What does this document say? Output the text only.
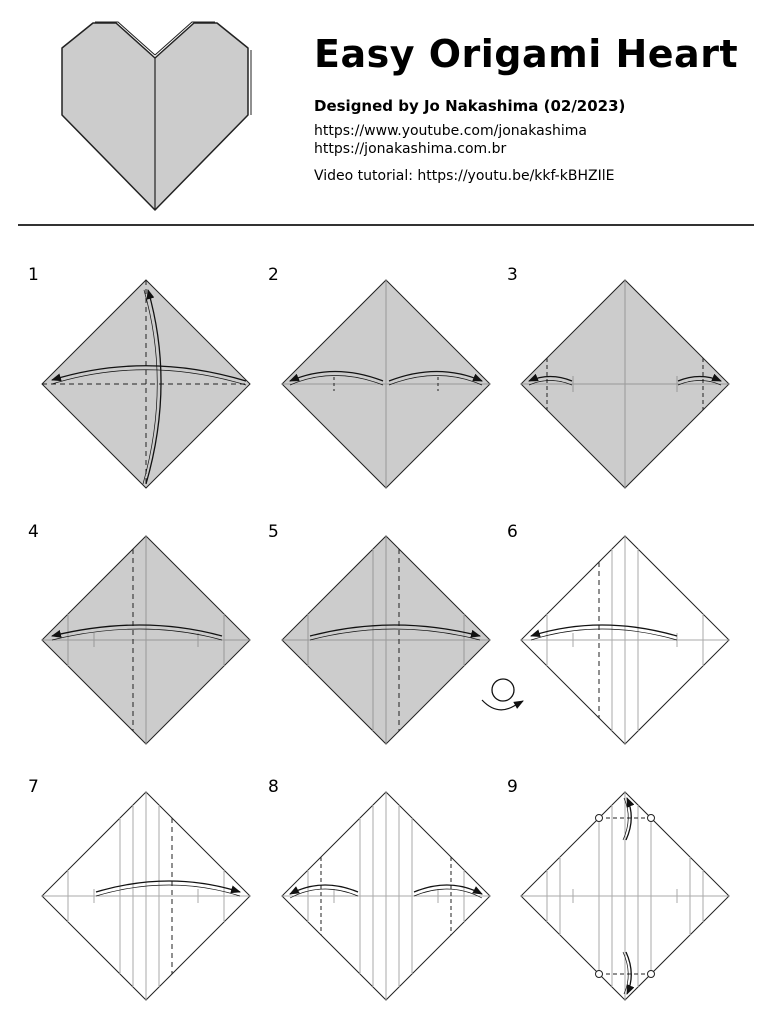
Easy Origami Heart
Designed by Jo Nakashima (02/2023)
https://www.youtube.com/jonakashima
https://jonakashima.com.br
Video tutorial: https://youtu.be/kkf-kBHZIlE
1	2	3
4	5	6
7	8	9
